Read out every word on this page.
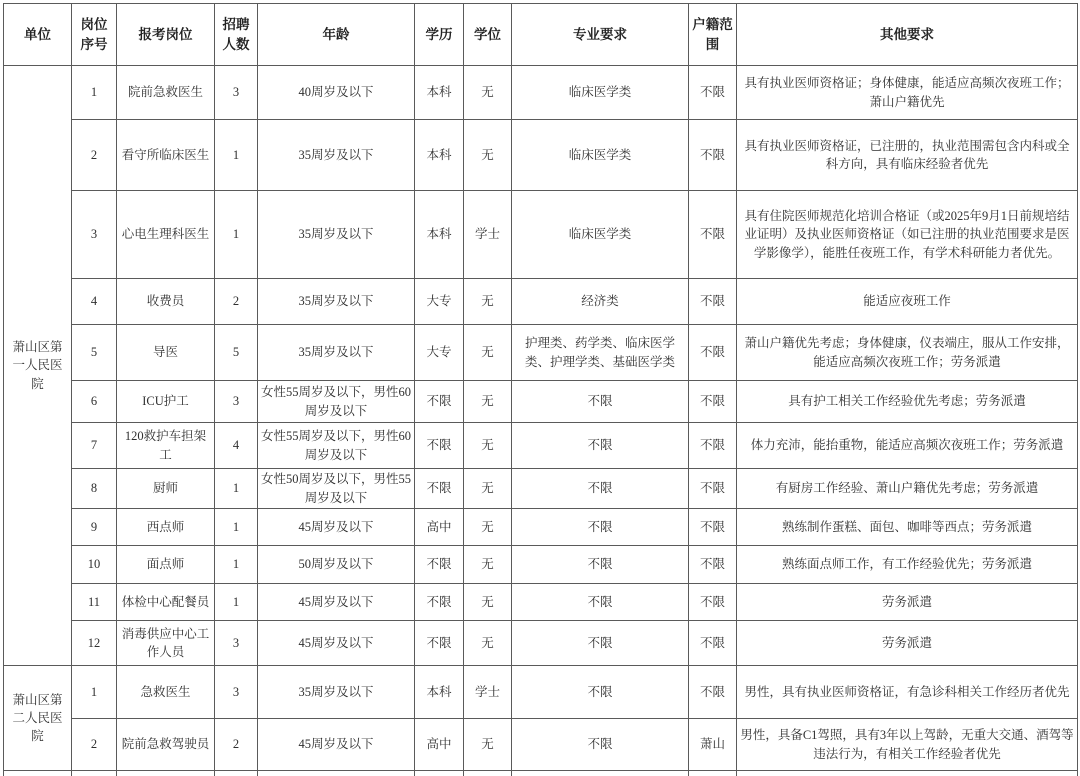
单位	岗位序号	报考岗位	招聘人数	年龄	学历	学位	专业要求	户籍范围	其他要求
萧山区第一人民医院	1	院前急救医生	3	40周岁及以下	本科	无	临床医学类	不限	具有执业医师资格证；身体健康，能适应高频次夜班工作；萧山户籍优先
	2	看守所临床医生	1	35周岁及以下	本科	无	临床医学类	不限	具有执业医师资格证，已注册的，执业范围需包含内科或全科方向，具有临床经验者优先
	3	心电生理科医生	1	35周岁及以下	本科	学士	临床医学类	不限	具有住院医师规范化培训合格证（或2025年9月1日前规培结业证明）及执业医师资格证（如已注册的执业范围要求是医学影像学），能胜任夜班工作，有学术科研能力者优先。
	4	收费员	2	35周岁及以下	大专	无	经济类	不限	能适应夜班工作
	5	导医	5	35周岁及以下	大专	无	护理类、药学类、临床医学类、护理学类、基础医学类	不限	萧山户籍优先考虑；身体健康，仪表端庄，服从工作安排，能适应高频次夜班工作；劳务派遣
	6	ICU护工	3	女性55周岁及以下，男性60周岁及以下	不限	无	不限	不限	具有护工相关工作经验优先考虑；劳务派遣
	7	120救护车担架工	4	女性55周岁及以下，男性60周岁及以下	不限	无	不限	不限	体力充沛，能抬重物，能适应高频次夜班工作；劳务派遣
	8	厨师	1	女性50周岁及以下，男性55周岁及以下	不限	无	不限	不限	有厨房工作经验、萧山户籍优先考虑；劳务派遣
	9	西点师	1	45周岁及以下	高中	无	不限	不限	熟练制作蛋糕、面包、咖啡等西点；劳务派遣
	10	面点师	1	50周岁及以下	不限	无	不限	不限	熟练面点师工作，有工作经验优先；劳务派遣
	11	体检中心配餐员	1	45周岁及以下	不限	无	不限	不限	劳务派遣
	12	消毒供应中心工作人员	3	45周岁及以下	不限	无	不限	不限	劳务派遣
萧山区第二人民医院	1	急救医生	3	35周岁及以下	本科	学士	不限	不限	男性，具有执业医师资格证，有急诊科相关工作经历者优先
	2	院前急救驾驶员	2	45周岁及以下	高中	无	不限	萧山	男性，具备C1驾照，具有3年以上驾龄，无重大交通、酒驾等违法行为，有相关工作经验者优先
